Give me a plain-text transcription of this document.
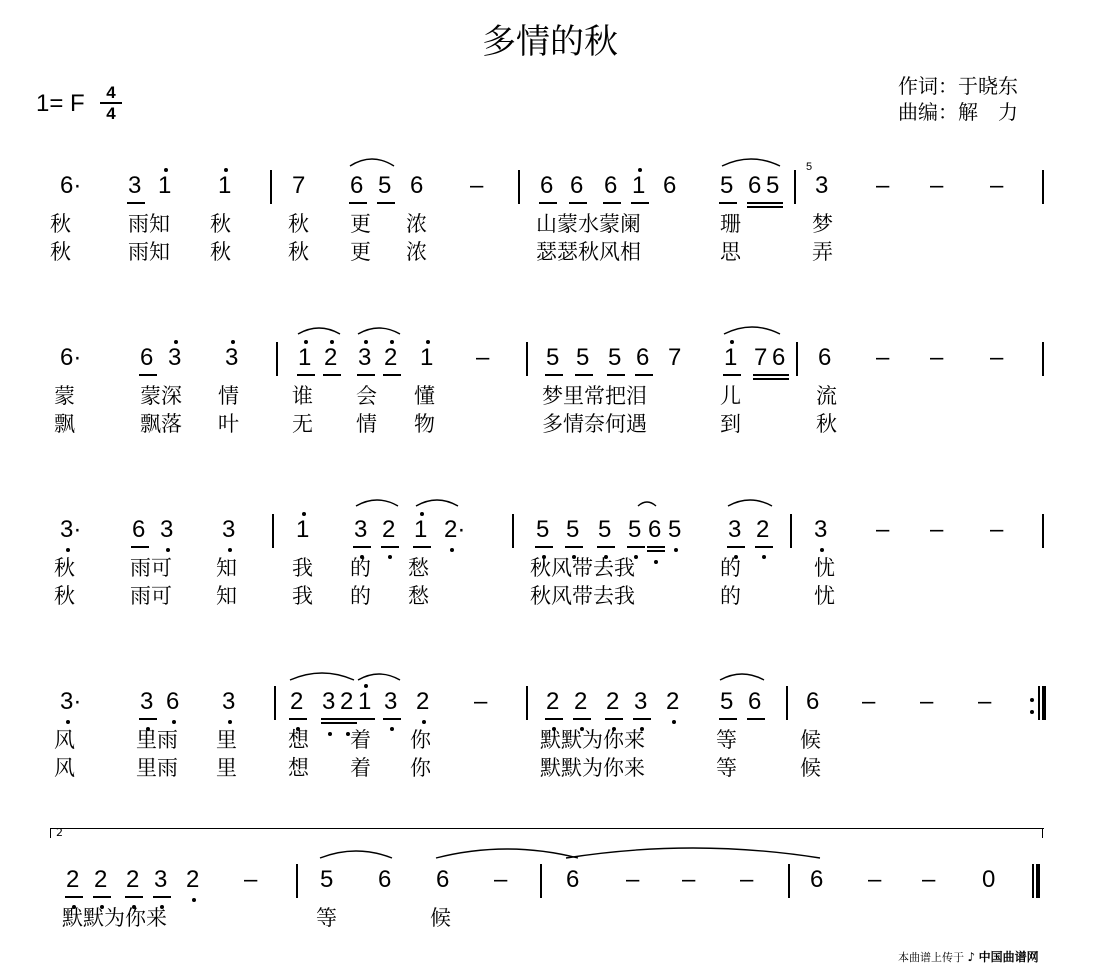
多情的秋
1= F	4
4
作词：于晓东
曲编：解　力
6· 3 1 1	7 6 5 6 – 6 6 6 1 6 5 6 5 3 – – –
秋	雨知 秋	秋 更 浓	山蒙水蒙阑	珊	梦
秋	雨知 秋	秋 更 浓	瑟瑟秋风相	思	弄
6· 6 3 3 1 2 3 2 1 – 5 5 5 6 7 1 7 6 6 – – –
蒙	蒙深 情	谁 会 懂	梦里常把泪	儿	流
飘	飘落 叶	无 情 物	多情奈何遇	到	秋
3· 6 3 3	1 3 2 1 2·	5 5 5 5 6 5 3 2 3 – – –
秋	雨可 知	我 的 愁	秋风带去我	的	忧
秋	雨可 知	我 的 愁	秋风带去我	的	忧
3· 3 6 3 2 3 2 1 3 2 – 2 2 2 3 2 5 6 6 – – –
风	里雨 里 想 着 你	默默为你来	等	候
风	里雨 里 想 着 你	默默为你来	等	候
2 2 2 3 2 –	5 6 6 – 6 – – – 6 – – 0
默默为你来	等	候
2
本曲谱上传于 ♪ 中国曲谱网
5
